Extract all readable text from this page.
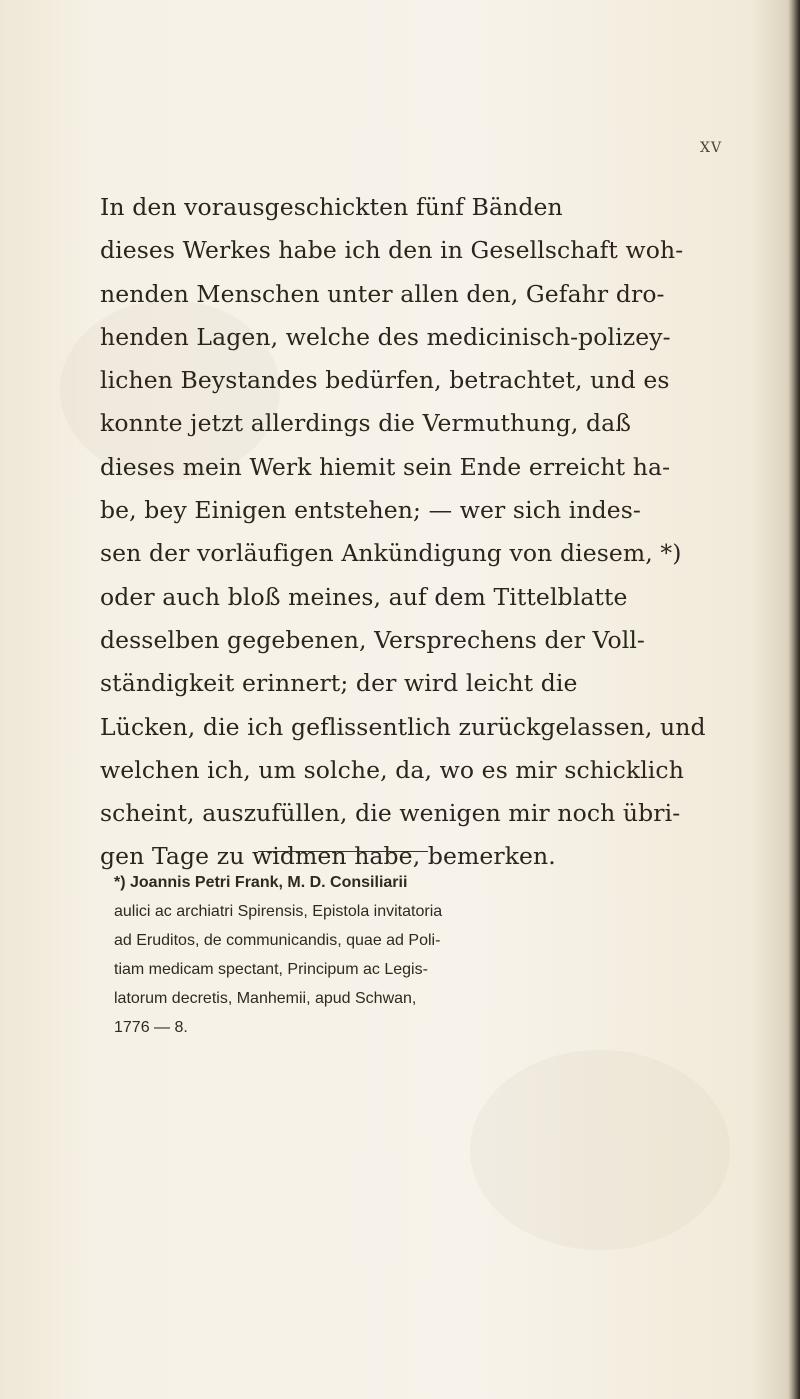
XV
In den vorausgeschickten fünf Bänden
dieses Werkes habe ich den in Gesellschaft woh-
nenden Menschen unter allen den, Gefahr dro-
henden Lagen, welche des medicinisch-polizey-
lichen Beystandes bedürfen, betrachtet, und es
konnte jetzt allerdings die Vermuthung, daß
dieses mein Werk hiemit sein Ende erreicht ha-
be, bey Einigen entstehen; — wer sich indes-
sen der vorläufigen Ankündigung von diesem, *)
oder auch bloß meines, auf dem Tittelblatte
desselben gegebenen, Versprechens der Voll-
ständigkeit erinnert; der wird leicht die
Lücken, die ich geflissentlich zurückgelassen, und
welchen ich, um solche, da, wo es mir schicklich
scheint, auszufüllen, die wenigen mir noch übri-
gen Tage zu widmen habe, bemerken.
*) Joannis Petri Frank, M. D. Consiliarii
aulici ac archiatri Spirensis, Epistola invitatoria
ad Eruditos, de communicandis, quae ad Poli-
tiam medicam spectant, Principum ac Legis-
latorum decretis, Manhemii, apud Schwan,
1776 — 8.
